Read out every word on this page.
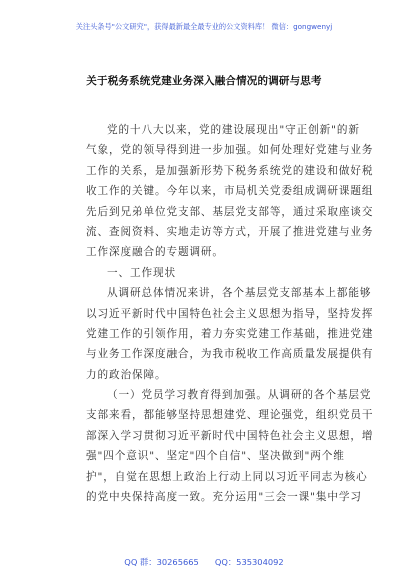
关注头条号"公文研究"，获得最新最全最专业的公文资料库！ 微信：gongwenyj
关于税务系统党建业务深入融合情况的调研与思考
党的十八大以来，党的建设展现出"守正创新"的新
气象，党的领导得到进一步加强。如何处理好党建与业务
工作的关系，是加强新形势下税务系统党的建设和做好税
收工作的关键。今年以来，市局机关党委组成调研课题组
先后到兄弟单位党支部、基层党支部等，通过采取座谈交
流、查阅资料、实地走访等方式，开展了推进党建与业务
工作深度融合的专题调研。
一、工作现状
从调研总体情况来讲，各个基层党支部基本上都能够
以习近平新时代中国特色社会主义思想为指导，坚持发挥
党建工作的引领作用，着力夯实党建工作基础，推进党建
与业务工作深度融合，为我市税收工作高质量发展提供有
力的政治保障。
（一）党员学习教育得到加强。从调研的各个基层党
支部来看，都能够坚持思想建党、理论强党，组织党员干
部深入学习贯彻习近平新时代中国特色社会主义思想，增
强"四个意识"、坚定"四个自信"、坚决做到"两个维
护"，自觉在思想上政治上行动上同以习近平同志为核心
的党中央保持高度一致。充分运用"三会一课"集中学习
QQ 群：30265665 QQ：535304092
